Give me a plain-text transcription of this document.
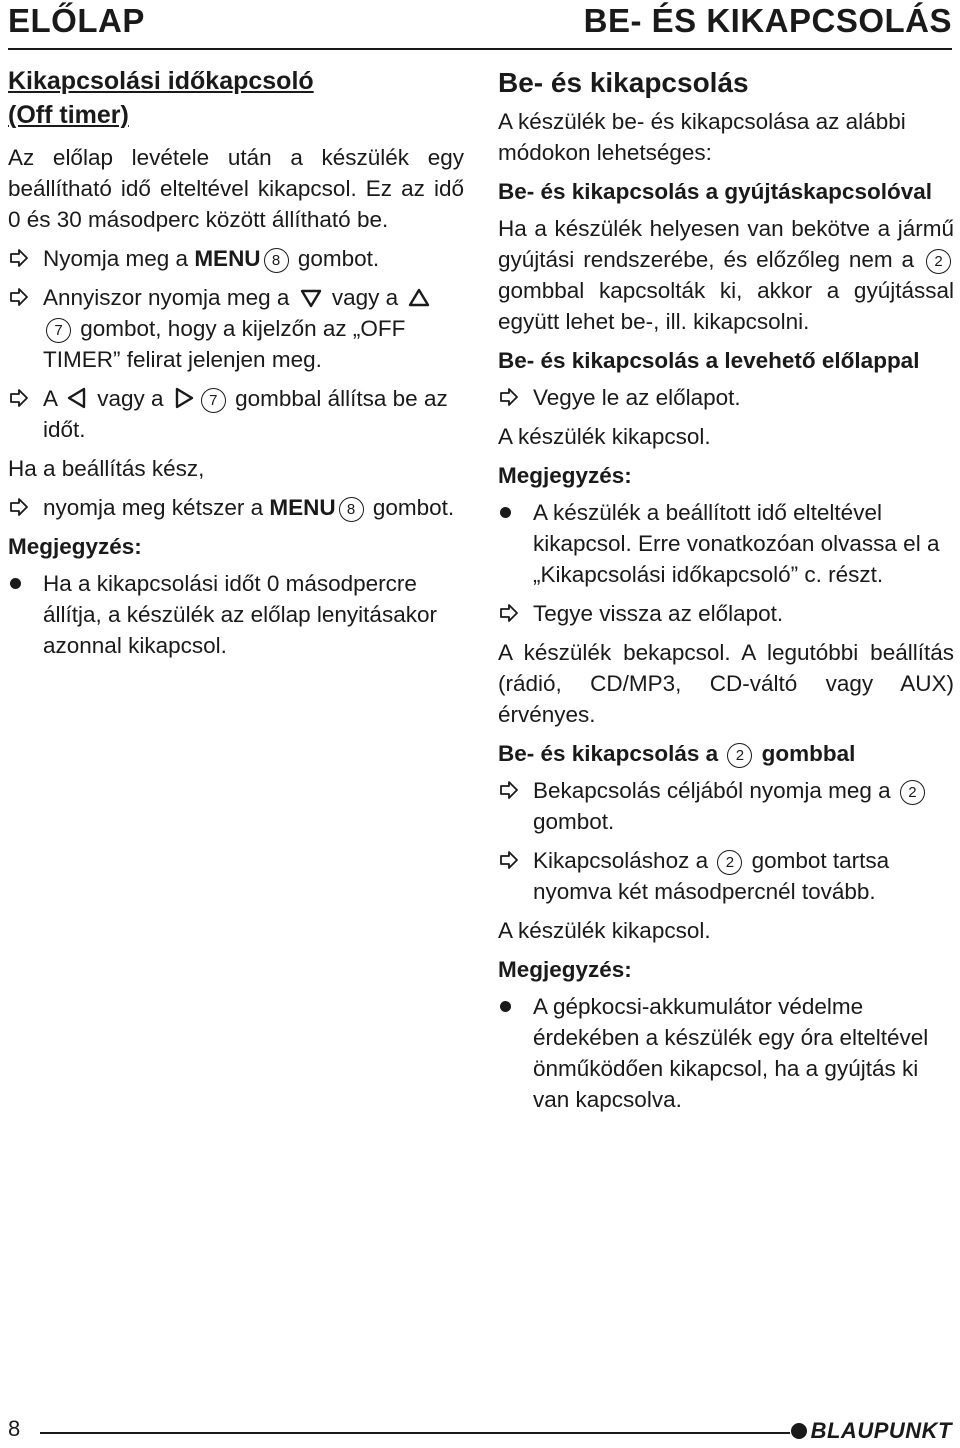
ELŐLAP	BE- ÉS KIKAPCSOLÁS
Kikapcsolási időkapcsoló
(Off timer)

Az előlap levétele után a készülék egy beállítható idő elteltével kikapcsol. Ez az idő 0 és 30 másodperc között állítható be.

Nyomja meg a MENU 8 gombot.
Annyiszor nyomja meg a  vagy a 7 gombot, hogy a kijelzőn az „OFF TIMER” felirat jelenjen meg.
A  vagy a	7 gombbal állítsa be az időt.

Ha a beállítás kész,

nyomja meg kétszer a MENU 8 gombot.
Megjegyzés:
Ha a kikapcsolási időt 0 másodpercre állítja, a készülék az előlap lenyitásakor azonnal kikapcsol.
Be- és kikapcsolás

A készülék be- és kikapcsolása az alábbi módokon lehetséges:

Be- és kikapcsolás a gyújtáskapcsolóval

Ha a készülék helyesen van bekötve a jármű gyújtási rendszerébe, és előzőleg nem a 2 gombbal kapcsolták ki, akkor a gyújtással együtt lehet be-, ill. kikapcsolni.

Be- és kikapcsolás a levehető előlappal
Vegye le az előlapot.

A készülék kikapcsol.

Megjegyzés:
A készülék a beállított idő elteltével kikapcsol. Erre vonatkozóan olvassa el a „Kikapcsolási időkapcsoló” c. részt.
Tegye vissza az előlapot.

A készülék bekapcsol. A legutóbbi beállítás (rádió, CD/MP3, CD-váltó vagy AUX) érvényes.

Be- és kikapcsolás a 2 gombbal
Bekapcsolás céljából nyomja meg a 2 gombot.
Kikapcsoláshoz a 2 gombot tartsa nyomva két másodpercnél tovább.

A készülék kikapcsol.

Megjegyzés:
A gépkocsi-akkumulátor védelme érdekében a készülék egy óra elteltével önműködően kikapcsol, ha a gyújtás ki van kapcsolva.
8	BLAUPUNKT
